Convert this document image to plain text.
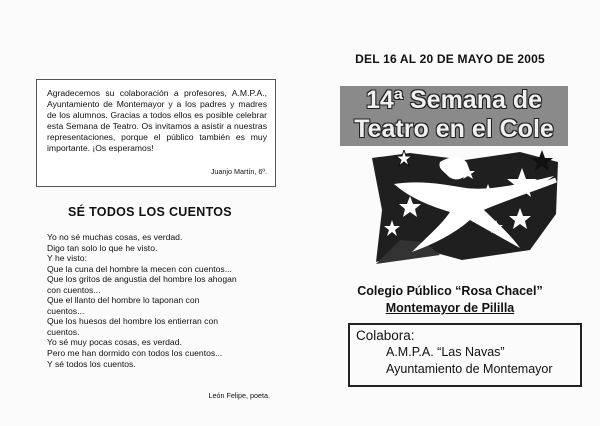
Agradecemos su colaboración a profesores, A.M.P.A., Ayuntamiento de Montemayor y a los padres y madres de los alumnos. Gracias a todos ellos es posible celebrar esta Semana de Teatro. Os invitamos a asistir a nuestras representaciones, porque el público también es muy importante. ¡Os esperamos!

Juanjo Martín, 6º.
SÉ TODOS LOS CUENTOS
Yo no sé muchas cosas, es verdad.
Digo tan solo lo que he visto.
Y he visto:
Que la cuna del hombre la mecen con cuentos...
Que los gritos de angustia del hombre los ahogan
con cuentos...
Que el llanto del hombre lo taponan con
cuentos...
Que los huesos del hombre los entierran con
cuentos.
Yo sé muy pocas cosas, es verdad.
Pero me han dormido con todos los cuentos...
Y sé todos los cuentos.
León Felipe, poeta.
DEL 16 AL 20 DE MAYO DE 2005
14ª Semana de
Teatro en el Cole
Colegio Público “Rosa Chacel”
Montemayor de Pililla
Colabora:
A.M.P.A. “Las Navas”
Ayuntamiento de Montemayor
